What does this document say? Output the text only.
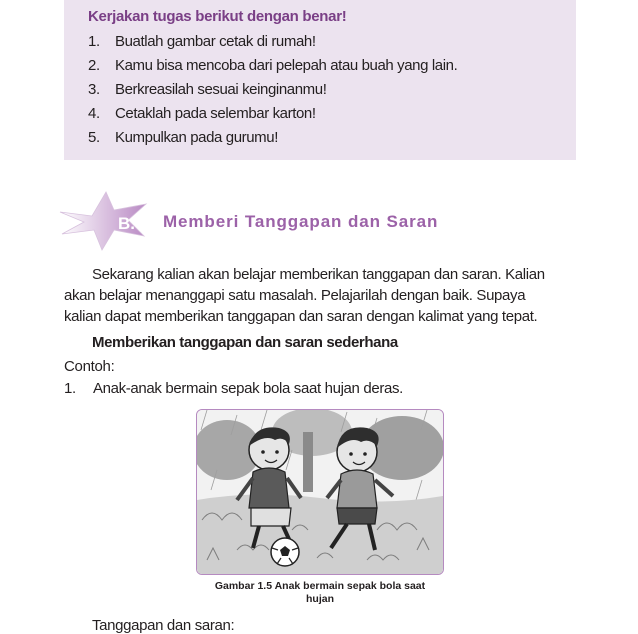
Kerjakan tugas berikut dengan benar!
1. Buatlah gambar cetak di rumah!
2. Kamu bisa mencoba dari pelepah atau buah yang lain.
3. Berkreasilah sesuai keinginanmu!
4. Cetaklah pada selembar karton!
5. Kumpulkan pada gurumu!
B. Memberi Tanggapan dan Saran

Sekarang kalian akan belajar memberikan tanggapan dan saran. Kalian
akan belajar menanggapi satu masalah. Pelajarilah dengan baik. Supaya
kalian dapat memberikan tanggapan dan saran dengan kalimat yang tepat.

Memberikan tanggapan dan saran sederhana
Contoh:
1. Anak-anak bermain sepak bola saat hujan deras.
Gambar 1.5 Anak bermain sepak bola saat
hujan
Tanggapan dan saran:
